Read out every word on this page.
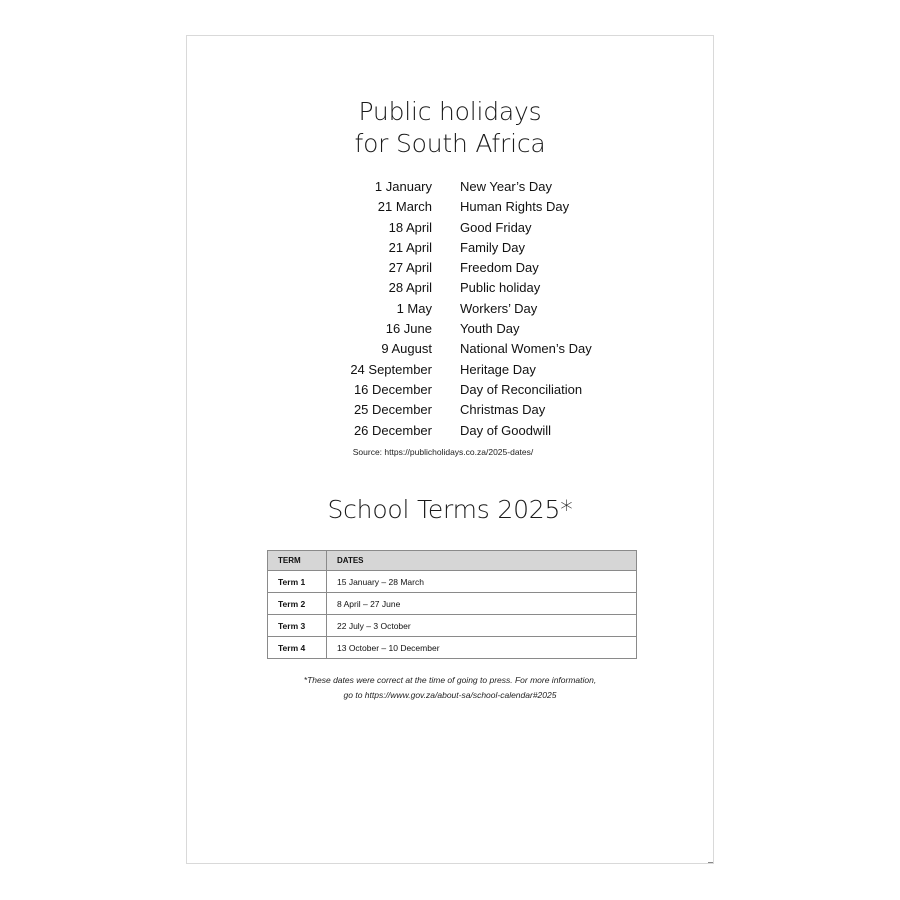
Public holidays
for South Africa
1 January New Year’s Day
21 March Human Rights Day
18 April Good Friday
21 April Family Day
27 April Freedom Day
28 April Public holiday
1 May Workers’ Day
16 June Youth Day
9 August National Women’s Day
24 September Heritage Day
16 December Day of Reconciliation
25 December Christmas Day
26 December Day of Goodwill
Source: https://publicholidays.co.za/2025-dates/
School Terms 2025*
TERM	DATES
Term 1	15 January – 28 March
Term 2	8 April – 27 June
Term 3	22 July – 3 October
Term 4	13 October – 10 December
*These dates were correct at the time of going to press. For more information,
go to https://www.gov.za/about-sa/school-calendar#2025
